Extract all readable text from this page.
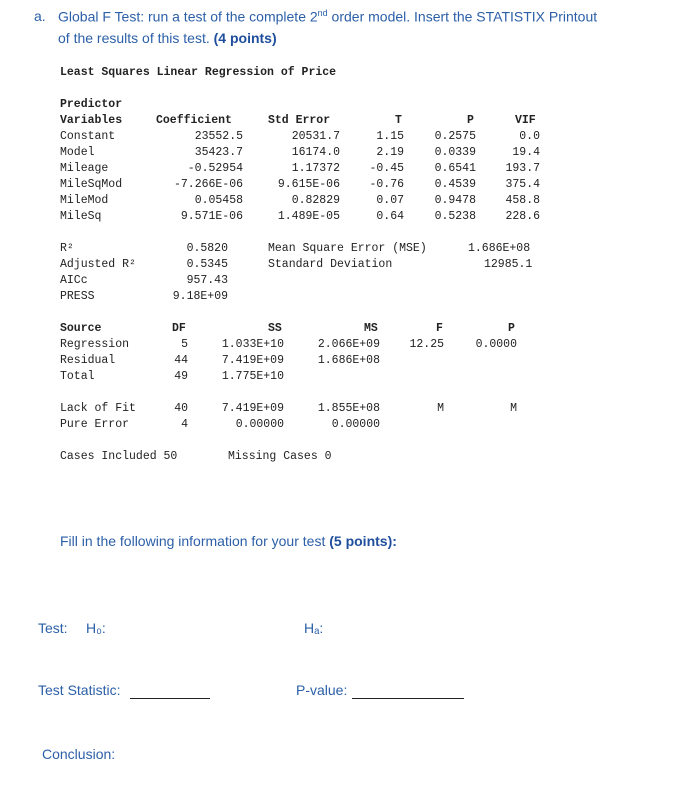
a. Global F Test: run a test of the complete 2nd order model. Insert the STATISTIX Printout
of the results of this test. (4 points)
Least Squares Linear Regression of Price
Predictor
Variables	Coefficient	Std Error	T	P	VIF
Constant	23552.5	20531.7	1.15	0.2575	0.0
Model	35423.7	16174.0	2.19	0.0339	19.4
Mileage	-0.52954	1.17372	-0.45	0.6541	193.7
MileSqMod	-7.266E-06	9.615E-06	-0.76	0.4539	375.4
MileMod	0.05458	0.82829	0.07	0.9478	458.8
MileSq	9.571E-06	1.489E-05	0.64	0.5238	228.6
R²	0.5820
Adjusted R²	0.5345
AICc	957.43
PRESS	9.18E+09
Mean Square Error (MSE)	1.686E+08
Standard Deviation	12985.1
Source	DF	SS	MS	F	P
Regression	5	1.033E+10	2.066E+09	12.25	0.0000
Residual	44	7.419E+09	1.686E+08
Total	49	1.775E+10
Lack of Fit	40	7.419E+09	1.855E+08	M	M
Pure Error	4	0.00000	0.00000
Cases Included 50	Missing Cases 0
Fill in the following information for your test (5 points):
Test: H₀:	Hₐ:
Test Statistic:	P-value:
Conclusion:
